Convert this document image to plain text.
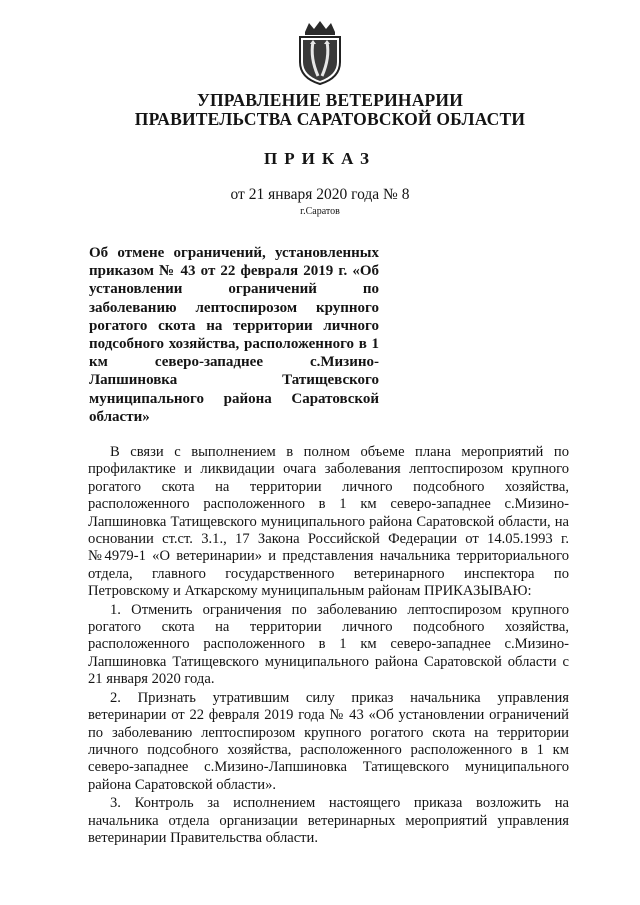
УПРАВЛЕНИЕ ВЕТЕРИНАРИИ
ПРАВИТЕЛЬСТВА САРАТОВСКОЙ ОБЛАСТИ
ПРИКАЗ
от 21 января 2020 года № 8
г.Саратов
Об отмене ограничений, установленных приказом № 43 от 22 февраля 2019 г. «Об установлении ограничений по заболеванию лептоспирозом крупного рогатого скота на территории личного подсобного хозяйства, расположенного в 1 км северо-западнее с.Мизино-Лапшиновка Татищевского муниципального района Саратовской области»

В связи с выполнением в полном объеме плана мероприятий по профилактике и ликвидации очага заболевания лептоспирозом крупного рогатого скота на территории личного подсобного хозяйства, расположенного расположенного в 1 км северо-западнее с.Мизино-Лапшиновка Татищевского муниципального района Саратовской области, на основании ст.ст. 3.1., 17 Закона Российской Федерации от 14.05.1993 г. №4979-1 «О ветеринарии» и представления начальника территориального отдела, главного государственного ветеринарного инспектора по Петровскому и Аткарскому муниципальным районам ПРИКАЗЫВАЮ:

1. Отменить ограничения по заболеванию лептоспирозом крупного рогатого скота на территории личного подсобного хозяйства, расположенного расположенного в 1 км северо-западнее с.Мизино-Лапшиновка Татищевского муниципального района Саратовской области с 21 января 2020 года.

2. Признать утратившим силу приказ начальника управления ветеринарии от 22 февраля 2019 года № 43 «Об установлении ограничений по заболеванию лептоспирозом крупного рогатого скота на территории личного подсобного хозяйства, расположенного расположенного в 1 км северо-западнее с.Мизино-Лапшиновка Татищевского муниципального района Саратовской области».

3. Контроль за исполнением настоящего приказа возложить на начальника отдела организации ветеринарных мероприятий управления ветеринарии Правительства области.
